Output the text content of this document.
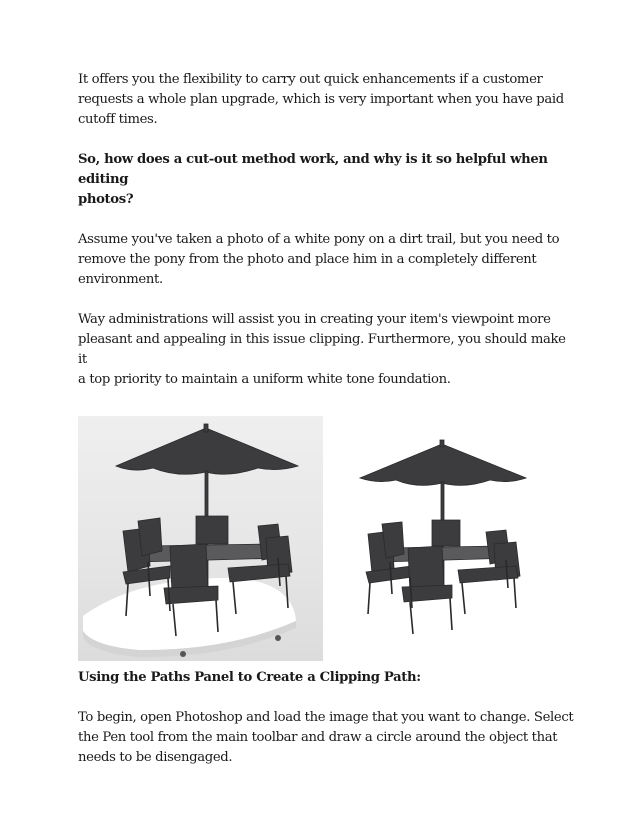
It offers you the flexibility to carry out quick enhancements if a customer
requests a whole plan upgrade, which is very important when you have paid
cutoff times.

So, how does a cut-out method work, and why is it so helpful when editing
photos?

Assume you've taken a photo of a white pony on a dirt trail, but you need to
remove the pony from the photo and place him in a completely different
environment.

Way administrations will assist you in creating your item's viewpoint more
pleasant and appealing in this issue clipping. Furthermore, you should make it
a top priority to maintain a uniform white tone foundation.

Using the Paths Panel to Create a Clipping Path:

To begin, open Photoshop and load the image that you want to change. Select
the Pen tool from the main toolbar and draw a circle around the object that
needs to be disengaged.
